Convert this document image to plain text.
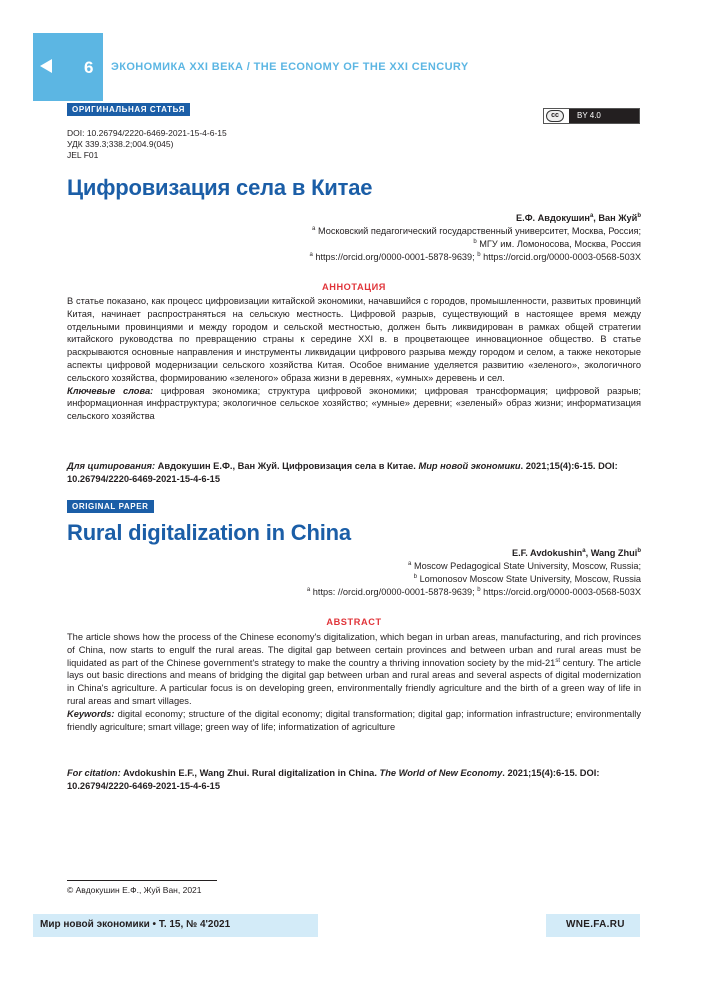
6 ЭКОНОМИКА XXI ВЕКА / THE ECONOMY OF THE XXI CENCURY
ОРИГИНАЛЬНАЯ СТАТЬЯ
cc	BY 4.0
DOI: 10.26794/2220-6469-2021-15-4-6-15
УДК 339.3;338.2;004.9(045)
JEL F01
Цифровизация села в Китае
Е.Ф. Авдокушин$^a$, Ван Жуй$^b$
$^a$ Московский педагогический государственный университет, Москва, Россия;
$^b$ МГУ им. Ломоносова, Москва, Россия
$^a$ https://orcid.org/0000-0001-5878-9639; $^b$ https://orcid.org/0000-0003-0568-503X
АННОТАЦИЯ
В статье показано, как процесс цифровизации китайской экономики, начавшийся с городов, промышленности, развитых провинций Китая, начинает распространяться на сельскую местность. Цифровой разрыв, существующий в настоящее время между отдельными провинциями и между городом и сельской местностью, должен быть ликвидирован в рамках общей стратегии китайского руководства по превращению страны к середине XXI в. в процветающее инновационное общество. В статье раскрываются основные направления и инструменты ликвидации цифрового разрыва между городом и селом, а также некоторые аспекты цифровой модернизации сельского хозяйства Китая. Особое внимание уделяется развитию «зеленого», экологичного сельского хозяйства, формированию «зеленого» образа жизни в деревнях, «умных» деревень и сел.
Ключевые слова: цифровая экономика; структура цифровой экономики; цифровая трансформация; цифровой разрыв; информационная инфраструктура; экологичное сельское хозяйство; «умные» деревни; «зеленый» образ жизни; информатизация сельского хозяйства
Для цитирования: Авдокушин Е.Ф., Ван Жуй. Цифровизация села в Китае. Мир новой экономики. 2021;15(4):6-15. DOI: 10.26794/2220-6469-2021-15-4-6-15
ORIGINAL PAPER
Rural digitalization in China
E.F. Avdokushin$^a$, Wang Zhui$^b$
$^a$ Moscow Pedagogical State University, Moscow, Russia;
$^b$ Lomonosov Moscow State University, Moscow, Russia
$^a$ https: //orcid.org/0000-0001-5878-9639; $^b$ https://orcid.org/0000-0003-0568-503X
ABSTRACT
The article shows how the process of the Chinese economy's digitalization, which began in urban areas, manufacturing, and rich provinces of China, now starts to engulf the rural areas. The digital gap between certain provinces and between urban and rural areas must be liquidated as part of the Chinese government's strategy to make the country a thriving innovation society by the mid-21st century. The article lays out basic directions and means of bridging the digital gap between urban and rural areas and several aspects of digital modernization in China's agriculture. A particular focus is on developing green, environmentally friendly agriculture and the birth of a green way of life in rural areas and smart villages.
Keywords: digital economy; structure of the digital economy; digital transformation; digital gap; information infrastructure; environmentally friendly agriculture; smart village; green way of life; informatization of agriculture
For citation: Avdokushin E.F., Wang Zhui. Rural digitalization in China. The World of New Economy. 2021;15(4):6-15. DOI: 10.26794/2220-6469-2021-15-4-6-15
© Авдокушин Е.Ф., Жуй Ван, 2021
Мир новой экономики • Т. 15, № 4'2021	WNE.FA.RU
